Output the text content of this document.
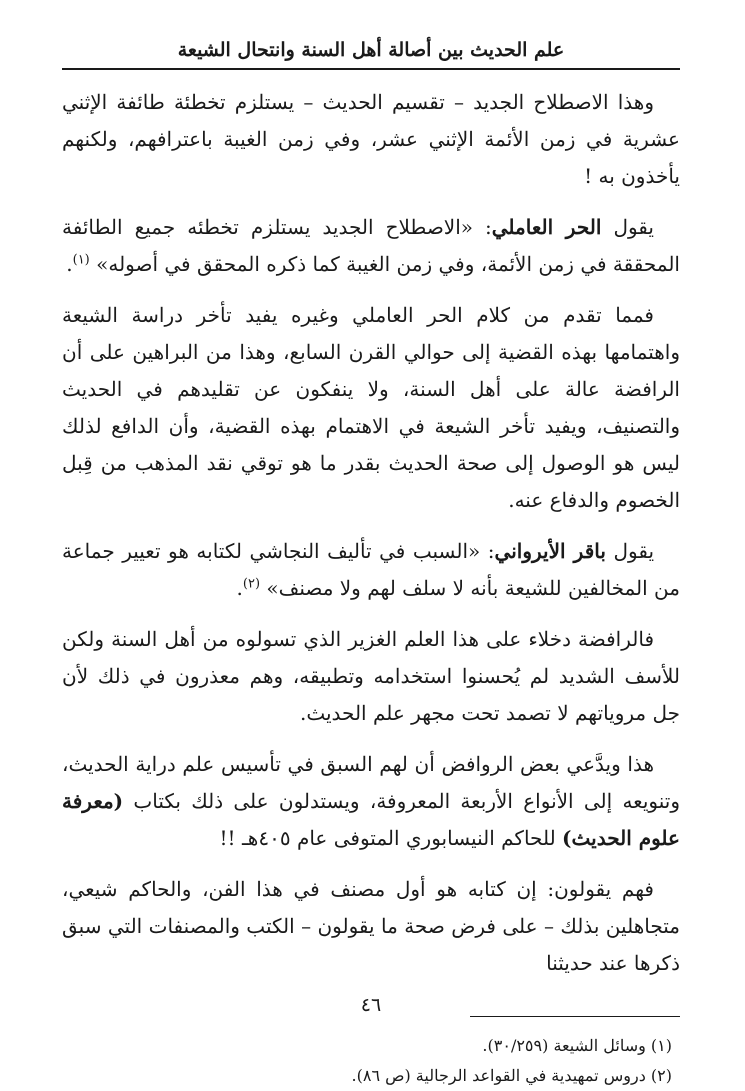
علم الحديث بين أصالة أهل السنة وانتحال الشيعة

وهذا الاصطلاح الجديد – تقسيم الحديث – يستلزم تخطئة طائفة الإثني عشرية في زمن الأئمة الإثني عشر، وفي زمن الغيبة باعترافهم، ولكنهم يأخذون به !

يقول الحر العاملي: «الاصطلاح الجديد يستلزم تخطئه جميع الطائفة المحققة في زمن الأئمة، وفي زمن الغيبة كما ذكره المحقق في أصوله» $^{(١)}$.

فمما تقدم من كلام الحر العاملي وغيره يفيد تأخر دراسة الشيعة واهتمامها بهذه القضية إلى حوالي القرن السابع، وهذا من البراهين على أن الرافضة عالة على أهل السنة، ولا ينفكون عن تقليدهم في الحديث والتصنيف، ويفيد تأخر الشيعة في الاهتمام بهذه القضية، وأن الدافع لذلك ليس هو الوصول إلى صحة الحديث بقدر ما هو توقي نقد المذهب من قِبل الخصوم والدفاع عنه.

يقول باقر الأيرواني: «السبب في تأليف النجاشي لكتابه هو تعيير جماعة من المخالفين للشيعة بأنه لا سلف لهم ولا مصنف» $^{(٢)}$.

فالرافضة دخلاء على هذا العلم الغزير الذي تسولوه من أهل السنة ولكن للأسف الشديد لم يُحسنوا استخدامه وتطبيقه، وهم معذرون في ذلك لأن جل مروياتهم لا تصمد تحت مجهر علم الحديث.

هذا ويدَّعي بعض الروافض أن لهم السبق في تأسيس علم دراية الحديث، وتنويعه إلى الأنواع الأربعة المعروفة، ويستدلون على ذلك بكتاب (معرفة علوم الحديث) للحاكم النيسابوري المتوفى عام ٤٠٥هـ !!

فهم يقولون: إن كتابه هو أول مصنف في هذا الفن، والحاكم شيعي، متجاهلين بذلك – على فرض صحة ما يقولون – الكتب والمصنفات التي سبق ذكرها عند حديثنا

(١) وسائل الشيعة (٣٠/٢٥٩).

(٢) دروس تمهيدية في القواعد الرجالية (ص ٨٦).

٤٦
